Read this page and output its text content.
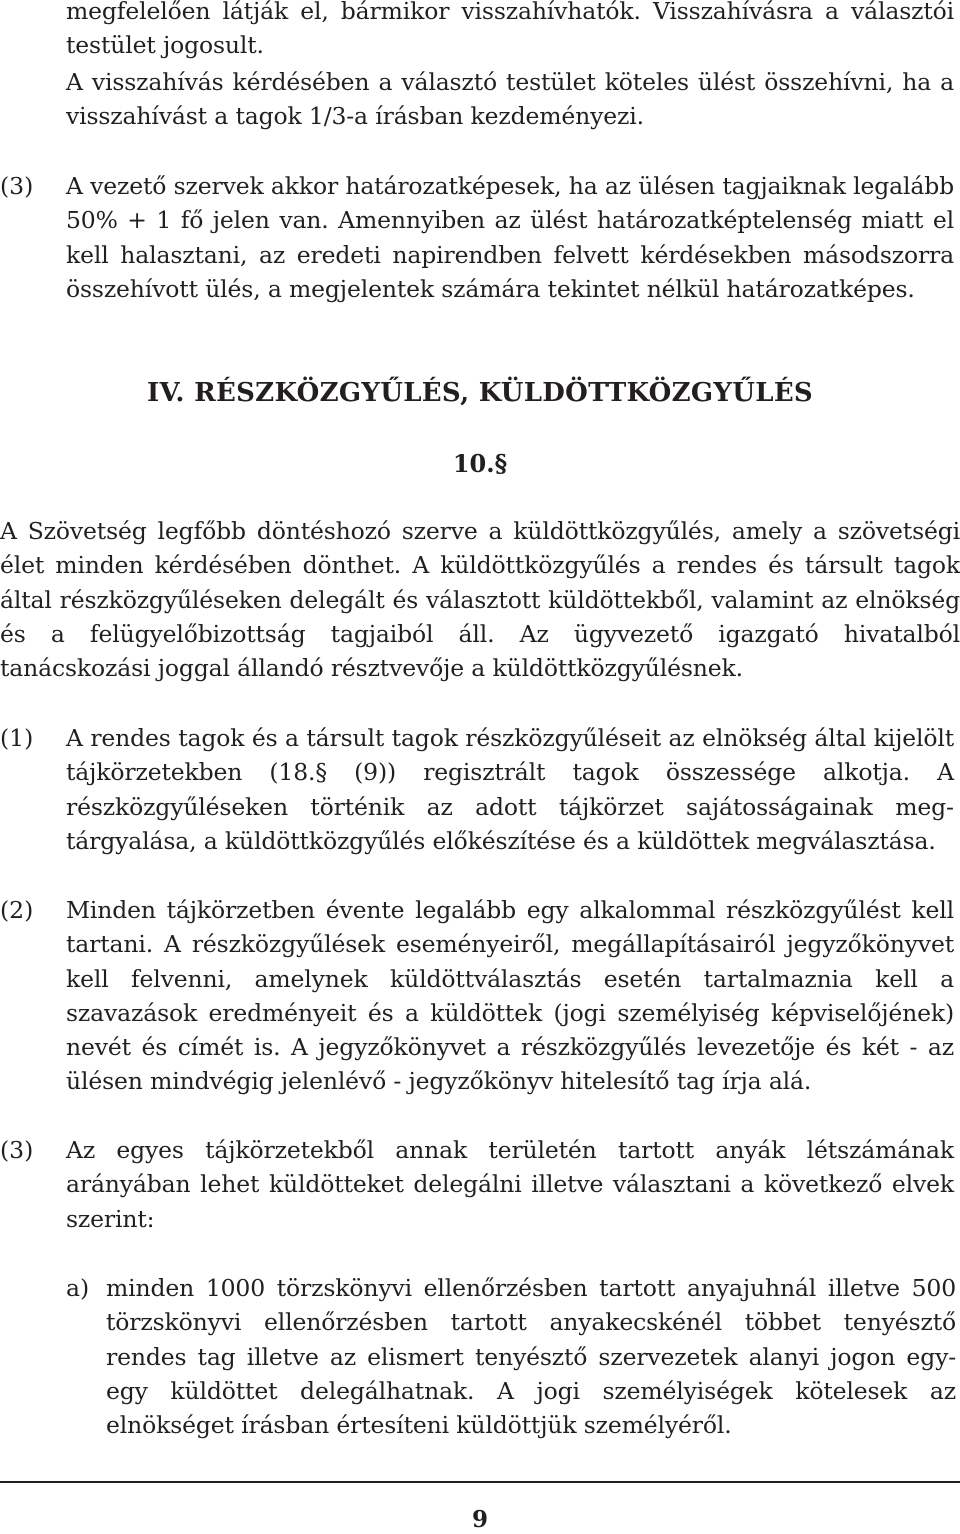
megfelelően látják el, bármikor visszahívhatók. Visszahívásra a választói testület jogosult.

A visszahívás kérdésében a választó testület köteles ülést összehívni, ha a visszahívást a tagok 1/3-a írásban kezdeményezi.

(3) A vezető szervek akkor határozatképesek, ha az ülésen tagjaiknak legalább 50% + 1 fő jelen van. Amennyiben az ülést határozatképtelenség miatt el kell halasztani, az eredeti napirendben felvett kérdésekben másodszorra összehívott ülés, a megjelentek számára tekintet nélkül határozatképes.

IV. RÉSZKÖZGYŰLÉS, KÜLDÖTTKÖZGYŰLÉS
10.§

A Szövetség legfőbb döntéshozó szerve a küldöttközgyűlés, amely a szövetségi élet minden kérdésében dönthet. A küldöttközgyűlés a rendes és társult tagok által részközgyűléseken delegált és választott küldöttekből, valamint az elnökség és a felügyelőbizottság tagjaiból áll. Az ügyvezető igazgató hivatalból tanácskozási joggal állandó résztvevője a küldöttközgyűlésnek.

(1) A rendes tagok és a társult tagok részközgyűléseit az elnökség által kijelölt tájkörzetekben (18.§ (9)) regisztrált tagok összessége alkotja. A részközgyűléseken történik az adott tájkörzet sajátosságainak megtárgyalása, a küldöttközgyűlés előkészítése és a küldöttek megválasztása.

(2) Minden tájkörzetben évente legalább egy alkalommal részközgyűlést kell tartani. A részközgyűlések eseményeiről, megállapításairól jegyzőkönyvet kell felvenni, amelynek küldöttválasztás esetén tartalmaznia kell a szavazások eredményeit és a küldöttek (jogi személyiség képviselőjének) nevét és címét is. A jegyzőkönyvet a részközgyűlés levezetője és két - az ülésen mindvégig jelenlévő - jegyzőkönyv hitelesítő tag írja alá.

(3) Az egyes tájkörzetekből annak területén tartott anyák létszámának arányában lehet küldötteket delegálni illetve választani a következő elvek szerint:

a) minden 1000 törzskönyvi ellenőrzésben tartott anyajuhnál illetve 500 törzskönyvi ellenőrzésben tartott anyakecskénél többet tenyésztő rendes tag illetve az elismert tenyésztő szervezetek alanyi jogon egy-egy küldöttet delegálhatnak. A jogi személyiségek kötelesek az elnökséget írásban értesíteni küldöttjük személyéről.

9
